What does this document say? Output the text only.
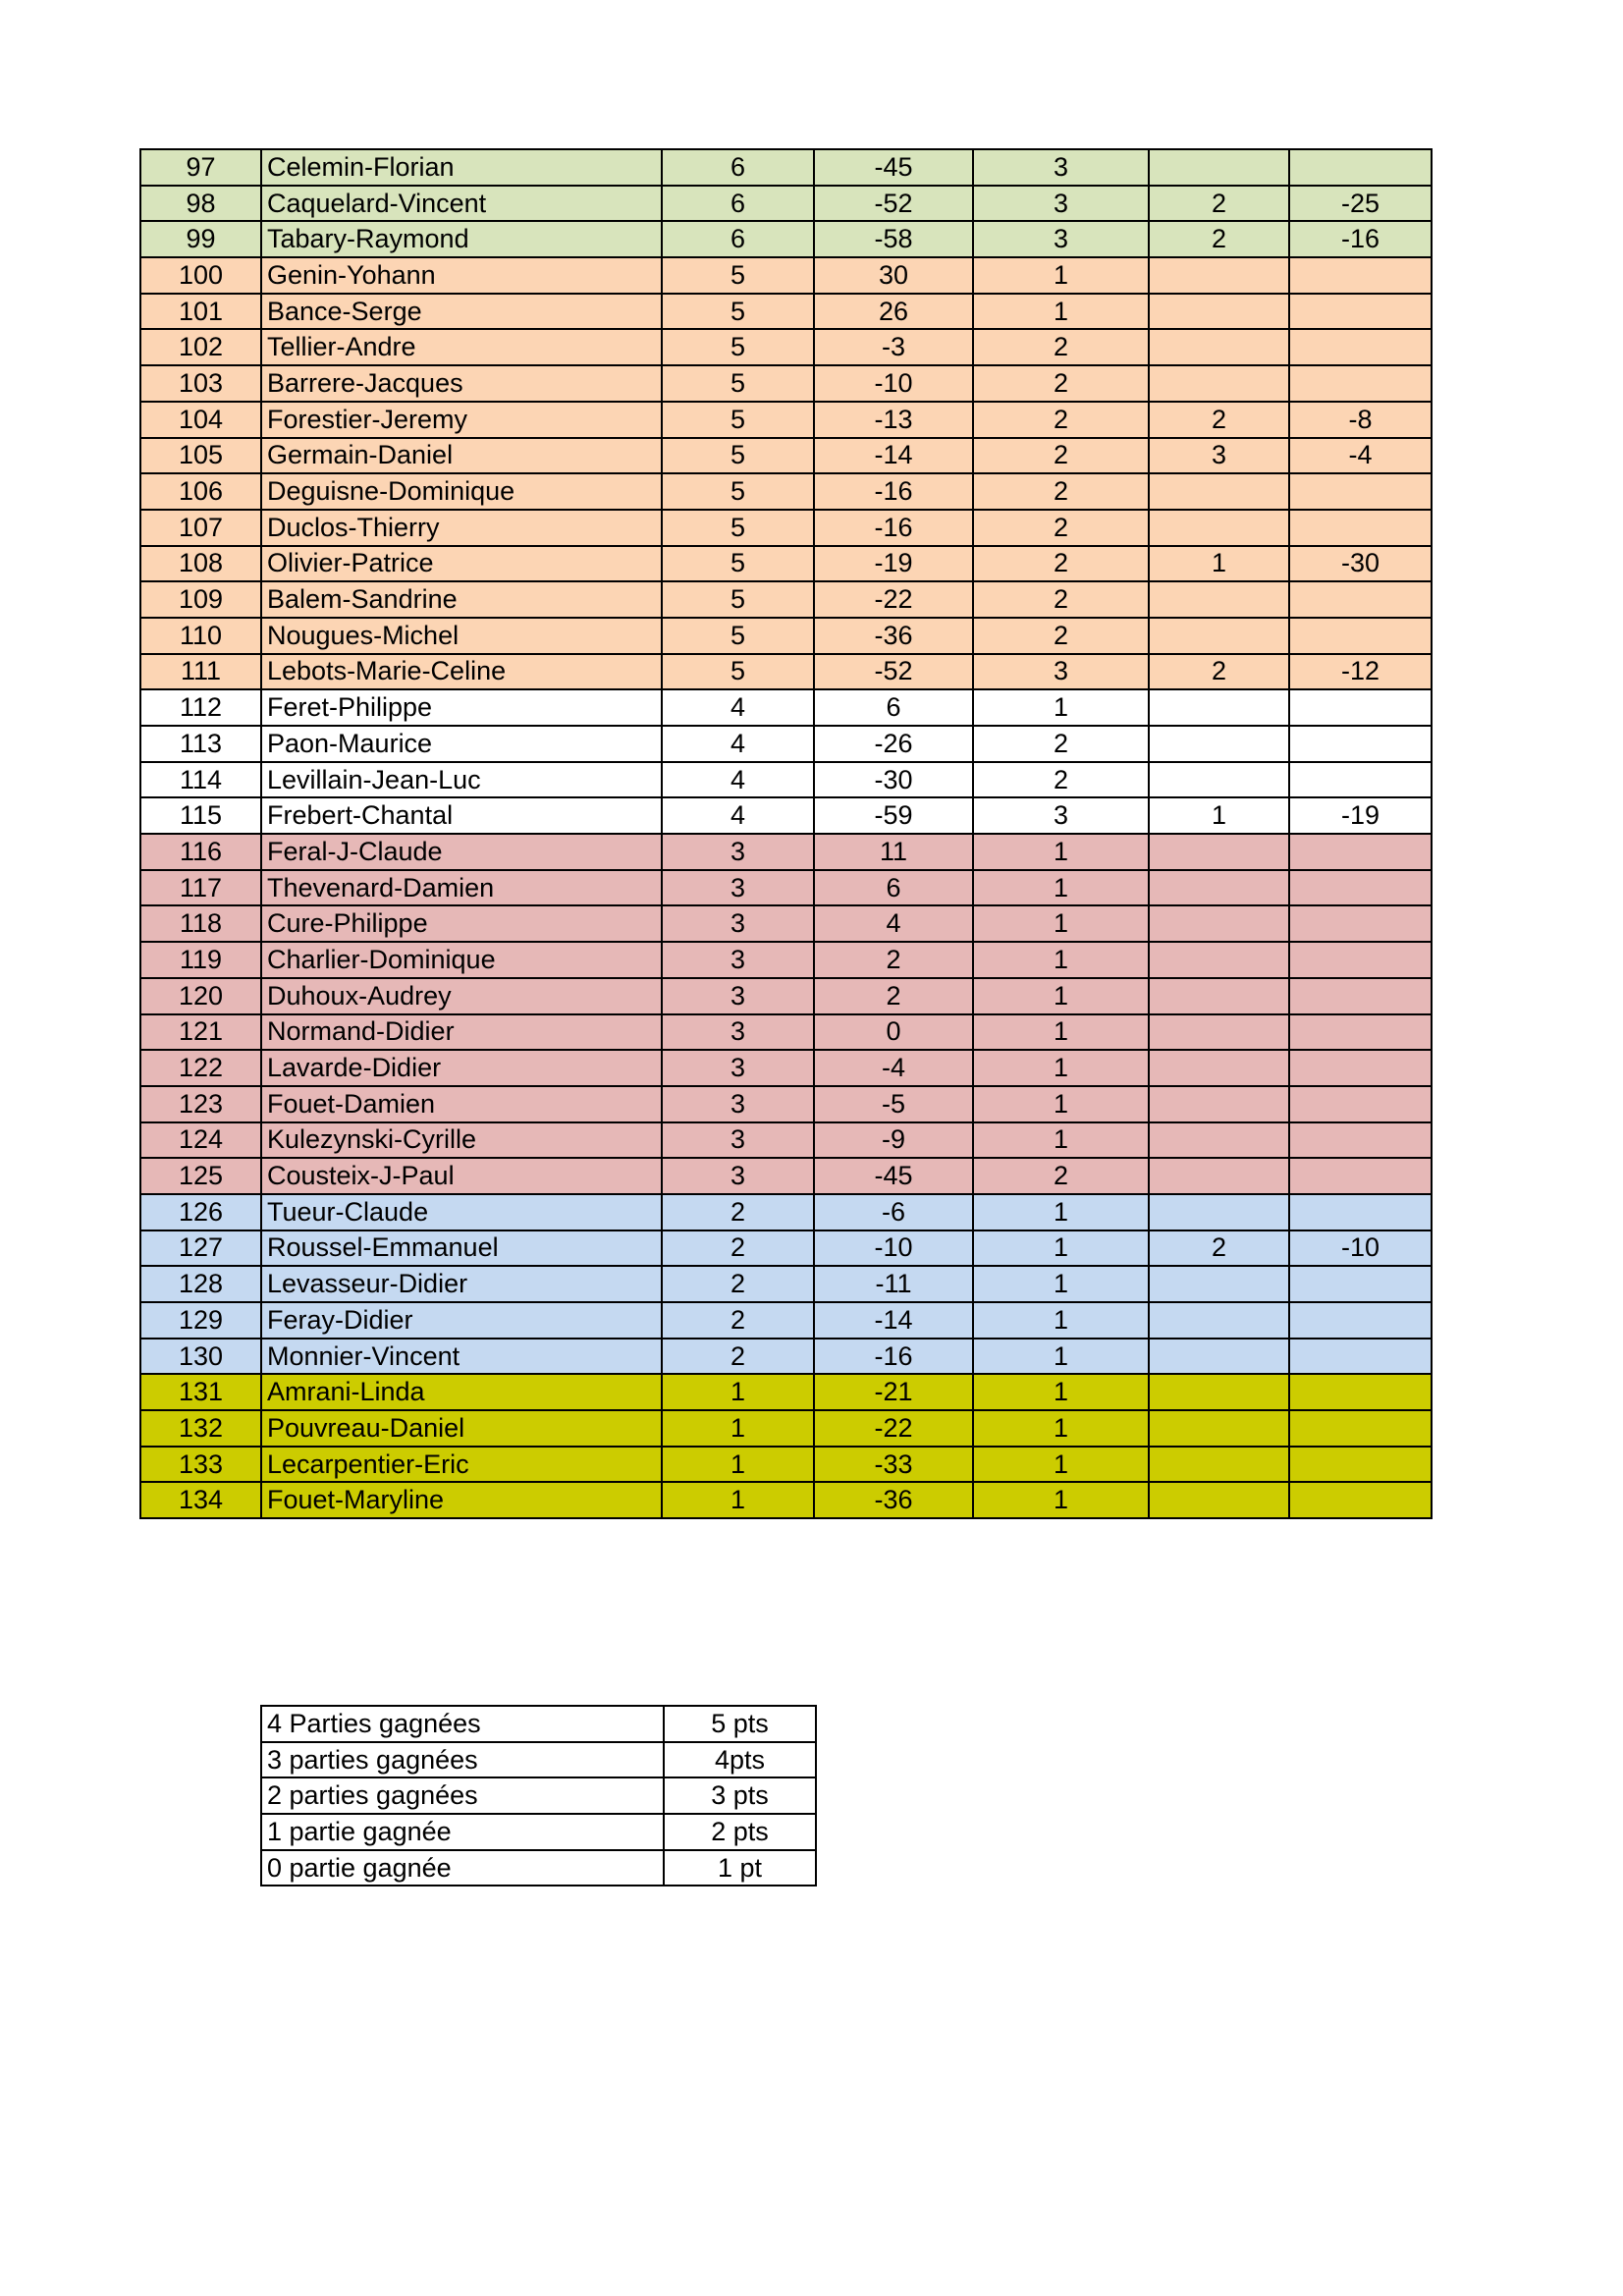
97	Celemin-Florian	6	-45	3		
98	Caquelard-Vincent	6	-52	3	2	-25
99	Tabary-Raymond	6	-58	3	2	-16
100	Genin-Yohann	5	30	1		
101	Bance-Serge	5	26	1		
102	Tellier-Andre	5	-3	2		
103	Barrere-Jacques	5	-10	2		
104	Forestier-Jeremy	5	-13	2	2	-8
105	Germain-Daniel	5	-14	2	3	-4
106	Deguisne-Dominique	5	-16	2		
107	Duclos-Thierry	5	-16	2		
108	Olivier-Patrice	5	-19	2	1	-30
109	Balem-Sandrine	5	-22	2		
110	Nougues-Michel	5	-36	2		
111	Lebots-Marie-Celine	5	-52	3	2	-12
112	Feret-Philippe	4	6	1		
113	Paon-Maurice	4	-26	2		
114	Levillain-Jean-Luc	4	-30	2		
115	Frebert-Chantal	4	-59	3	1	-19
116	Feral-J-Claude	3	11	1		
117	Thevenard-Damien	3	6	1		
118	Cure-Philippe	3	4	1		
119	Charlier-Dominique	3	2	1		
120	Duhoux-Audrey	3	2	1		
121	Normand-Didier	3	0	1		
122	Lavarde-Didier	3	-4	1		
123	Fouet-Damien	3	-5	1		
124	Kulezynski-Cyrille	3	-9	1		
125	Cousteix-J-Paul	3	-45	2		
126	Tueur-Claude	2	-6	1		
127	Roussel-Emmanuel	2	-10	1	2	-10
128	Levasseur-Didier	2	-11	1		
129	Feray-Didier	2	-14	1		
130	Monnier-Vincent	2	-16	1		
131	Amrani-Linda	1	-21	1		
132	Pouvreau-Daniel	1	-22	1		
133	Lecarpentier-Eric	1	-33	1		
134	Fouet-Maryline	1	-36	1		
4 Parties gagnées	5 pts
3 parties gagnées	4pts
2 parties gagnées	3 pts
1 partie gagnée	2 pts
0 partie gagnée	1 pt
